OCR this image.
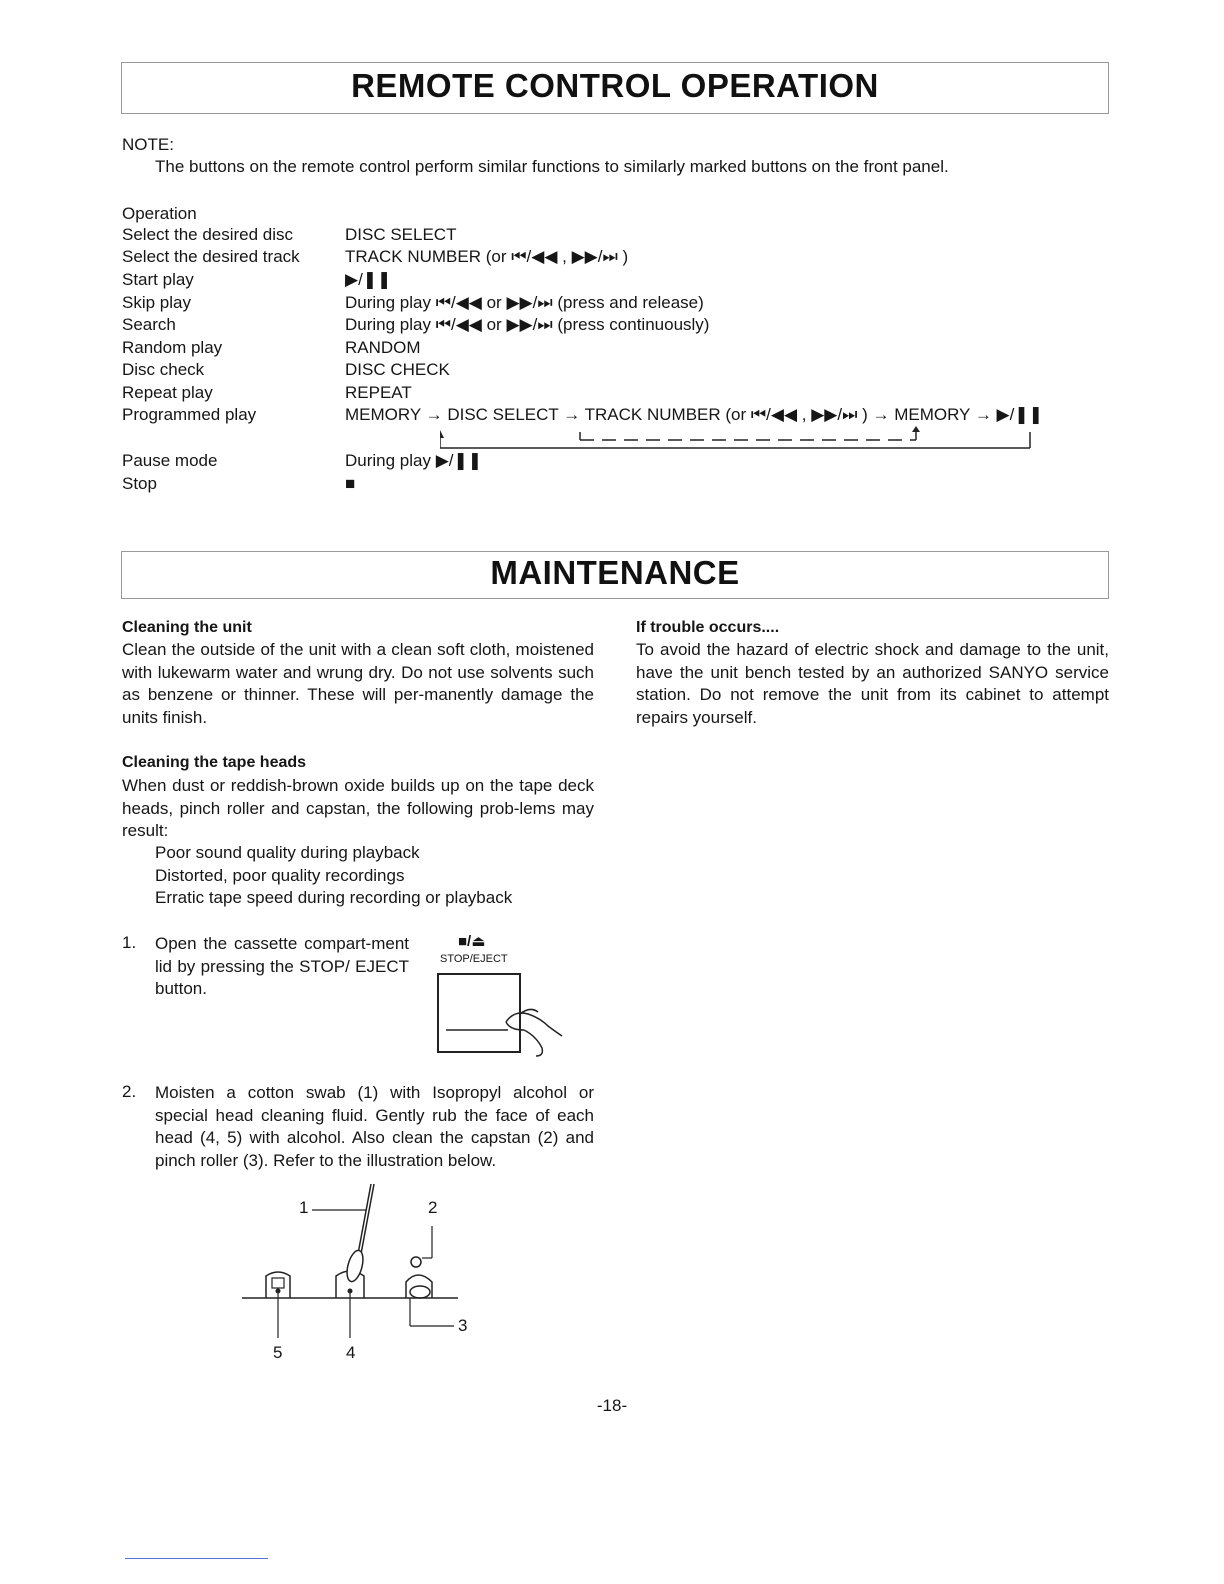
REMOTE CONTROL OPERATION
NOTE:
The buttons on the remote control perform similar functions to similarly marked buttons on the front panel.
Operation
Select the desired disc	DISC SELECT
Select the desired track	TRACK NUMBER (or ⏮/◀◀ , ▶▶/⏭ )
Start play	▶/❚❚
Skip play	During play ⏮/◀◀ or ▶▶/⏭ (press and release)
Search	During play ⏮/◀◀ or ▶▶/⏭ (press continuously)
Random play	RANDOM
Disc check	DISC CHECK
Repeat play	REPEAT
Programmed play	MEMORY → DISC SELECT → TRACK NUMBER (or ⏮/◀◀ , ▶▶/⏭ ) → MEMORY → ▶/❚❚
Pause mode	During play ▶/❚❚
Stop	■
MAINTENANCE
Cleaning the unit
Clean the outside of the unit with a clean soft cloth, moistened with lukewarm water and wrung dry. Do not use solvents such as benzene or thinner. These will per-manently damage the units finish.
Cleaning the tape heads
When dust or reddish-brown oxide builds up on the tape deck heads, pinch roller and capstan, the following prob-lems may result:
Poor sound quality during playback
Distorted, poor quality recordings
Erratic tape speed during recording or playback
1. Open the cassette compart-ment lid by pressing the STOP/ EJECT button.
■/⏏
STOP/EJECT
2. Moisten a cotton swab (1) with Isopropyl alcohol or special head cleaning fluid. Gently rub the face of each head (4, 5) with alcohol. Also clean the capstan (2) and pinch roller (3). Refer to the illustration below.
1	2
3
4
5
If trouble occurs....
To avoid the hazard of electric shock and damage to the unit, have the unit bench tested by an authorized SANYO service station. Do not remove the unit from its cabinet to attempt repairs yourself.
-18-
